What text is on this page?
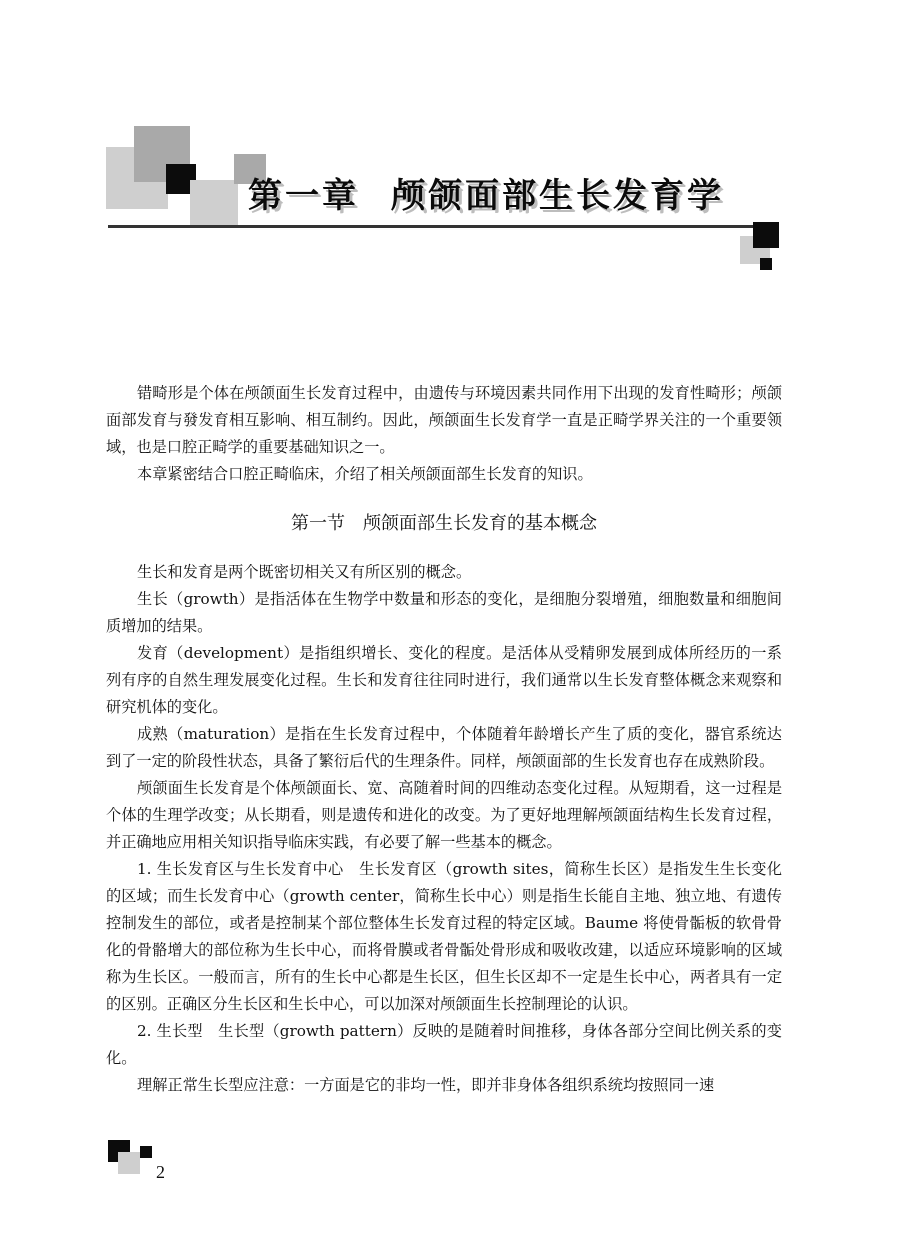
第一章 颅颌面部生长发育学

错畸形是个体在颅颌面生长发育过程中，由遗传与环境因素共同作用下出现的发育性畸形；颅颌面部发育与發发育相互影响、相互制约。因此，颅颌面生长发育学一直是正畸学界关注的一个重要领域，也是口腔正畸学的重要基础知识之一。

本章紧密结合口腔正畸临床，介绍了相关颅颌面部生长发育的知识。

第一节 颅颌面部生长发育的基本概念

生长和发育是两个既密切相关又有所区别的概念。

生长（growth）是指活体在生物学中数量和形态的变化，是细胞分裂增殖，细胞数量和细胞间质增加的结果。

发育（development）是指组织增长、变化的程度。是活体从受精卵发展到成体所经历的一系列有序的自然生理发展变化过程。生长和发育往往同时进行，我们通常以生长发育整体概念来观察和研究机体的变化。

成熟（maturation）是指在生长发育过程中，个体随着年龄增长产生了质的变化，器官系统达到了一定的阶段性状态，具备了繁衍后代的生理条件。同样，颅颌面部的生长发育也存在成熟阶段。

颅颌面生长发育是个体颅颌面长、宽、高随着时间的四维动态变化过程。从短期看，这一过程是个体的生理学改变；从长期看，则是遗传和进化的改变。为了更好地理解颅颌面结构生长发育过程，并正确地应用相关知识指导临床实践，有必要了解一些基本的概念。

1. 生长发育区与生长发育中心　生长发育区（growth sites，简称生长区）是指发生生长变化的区域；而生长发育中心（growth center，简称生长中心）则是指生长能自主地、独立地、有遗传控制发生的部位，或者是控制某个部位整体生长发育过程的特定区域。Baume 将使骨骺板的软骨骨化的骨骼增大的部位称为生长中心，而将骨膜或者骨骺处骨形成和吸收改建，以适应环境影响的区域称为生长区。一般而言，所有的生长中心都是生长区，但生长区却不一定是生长中心，两者具有一定的区别。正确区分生长区和生长中心，可以加深对颅颌面生长控制理论的认识。

2. 生长型　生长型（growth pattern）反映的是随着时间推移，身体各部分空间比例关系的变化。

理解正常生长型应注意：一方面是它的非均一性，即并非身体各组织系统均按照同一速

2
